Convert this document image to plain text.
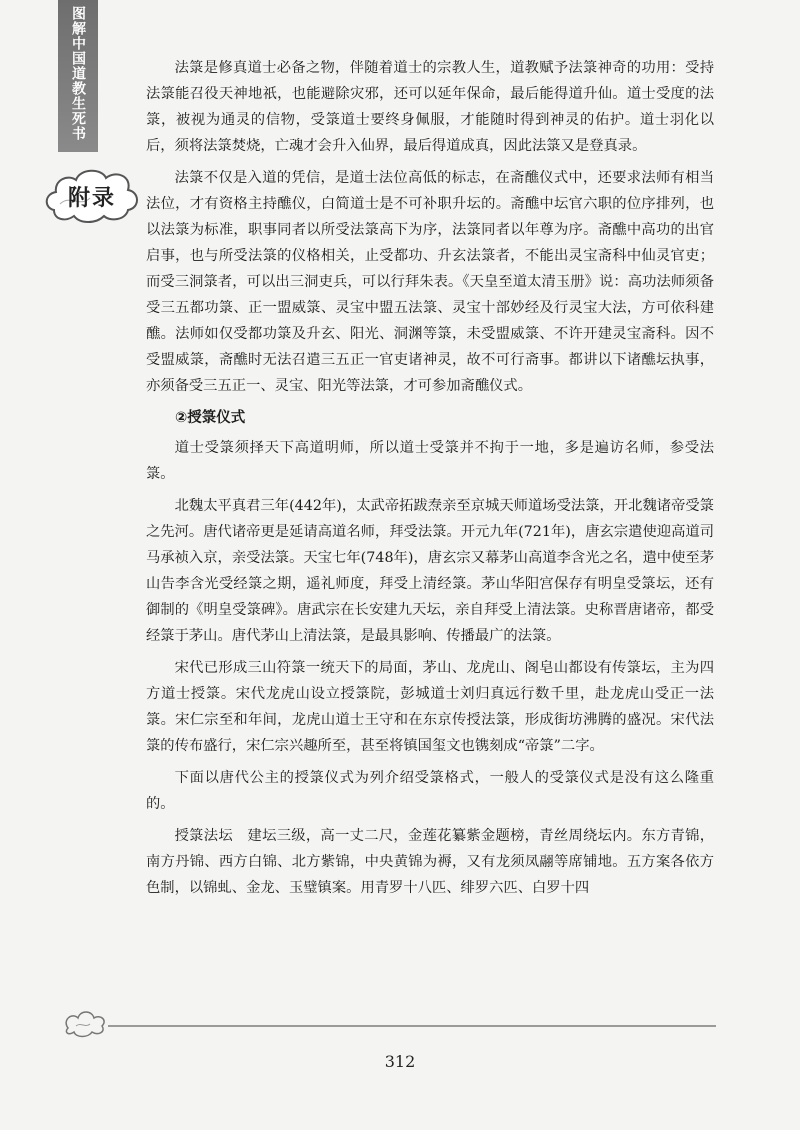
图解中国道教生死书
附录

法箓是修真道士必备之物，伴随着道士的宗教人生，道教赋予法箓神奇的功用：受持法箓能召役天神地祇，也能避除灾邪，还可以延年保命，最后能得道升仙。道士受度的法箓，被视为通灵的信物，受箓道士要终身佩服，才能随时得到神灵的佑护。道士羽化以后，须将法箓焚烧，亡魂才会升入仙界，最后得道成真，因此法箓又是登真录。

法箓不仅是入道的凭信，是道士法位高低的标志，在斋醮仪式中，还要求法师有相当法位，才有资格主持醮仪，白简道士是不可补职升坛的。斋醮中坛官六职的位序排列，也以法箓为标准，职事同者以所受法箓高下为序，法箓同者以年尊为序。斋醮中高功的出官启事，也与所受法箓的仪格相关，止受都功、升玄法箓者，不能出灵宝斋科中仙灵官吏；而受三洞箓者，可以出三洞吏兵，可以行拜朱表。《天皇至道太清玉册》说：高功法师须备受三五都功箓、正一盟威箓、灵宝中盟五法箓、灵宝十部妙经及行灵宝大法，方可依科建醮。法师如仅受都功箓及升玄、阳光、洞渊等箓，未受盟威箓、不许开建灵宝斋科。因不受盟威箓，斋醮时无法召遣三五正一官吏诸神灵，故不可行斋事。都讲以下诸醮坛执事，亦须备受三五正一、灵宝、阳光等法箓，才可参加斋醮仪式。

②授箓仪式

道士受箓须择天下高道明师，所以道士受箓并不拘于一地，多是遍访名师，参受法箓。

北魏太平真君三年(442年)，太武帝拓跋焘亲至京城天师道场受法箓，开北魏诸帝受箓之先河。唐代诸帝更是延请高道名师，拜受法箓。开元九年(721年)，唐玄宗遣使迎高道司马承祯入京，亲受法箓。天宝七年(748年)，唐玄宗又幕茅山高道李含光之名，遣中使至茅山告李含光受经箓之期，遥礼师度，拜受上清经箓。茅山华阳宫保存有明皇受箓坛，还有御制的《明皇受箓碑》。唐武宗在长安建九天坛，亲自拜受上清法箓。史称晋唐诸帝，都受经箓于茅山。唐代茅山上清法箓，是最具影响、传播最广的法箓。

宋代已形成三山符箓一统天下的局面，茅山、龙虎山、阁皂山都设有传箓坛，主为四方道士授箓。宋代龙虎山设立授箓院，彭城道士刘归真远行数千里，赴龙虎山受正一法箓。宋仁宗至和年间，龙虎山道士王守和在东京传授法箓，形成街坊沸腾的盛况。宋代法箓的传布盛行，宋仁宗兴趣所至，甚至将镇国玺文也镌刻成“帝箓”二字。

下面以唐代公主的授箓仪式为列介绍受箓格式，一般人的受箓仪式是没有这么隆重的。

授箓法坛　 建坛三级，高一丈二尺，金莲花纂紫金题榜，青丝周绕坛内。东方青锦，南方丹锦、西方白锦、北方紫锦，中央黄锦为褥，又有龙须凤翮等席铺地。五方案各依方色制，以锦虬、金龙、玉璧镇案。用青罗十八匹、绯罗六匹、白罗十四

312
